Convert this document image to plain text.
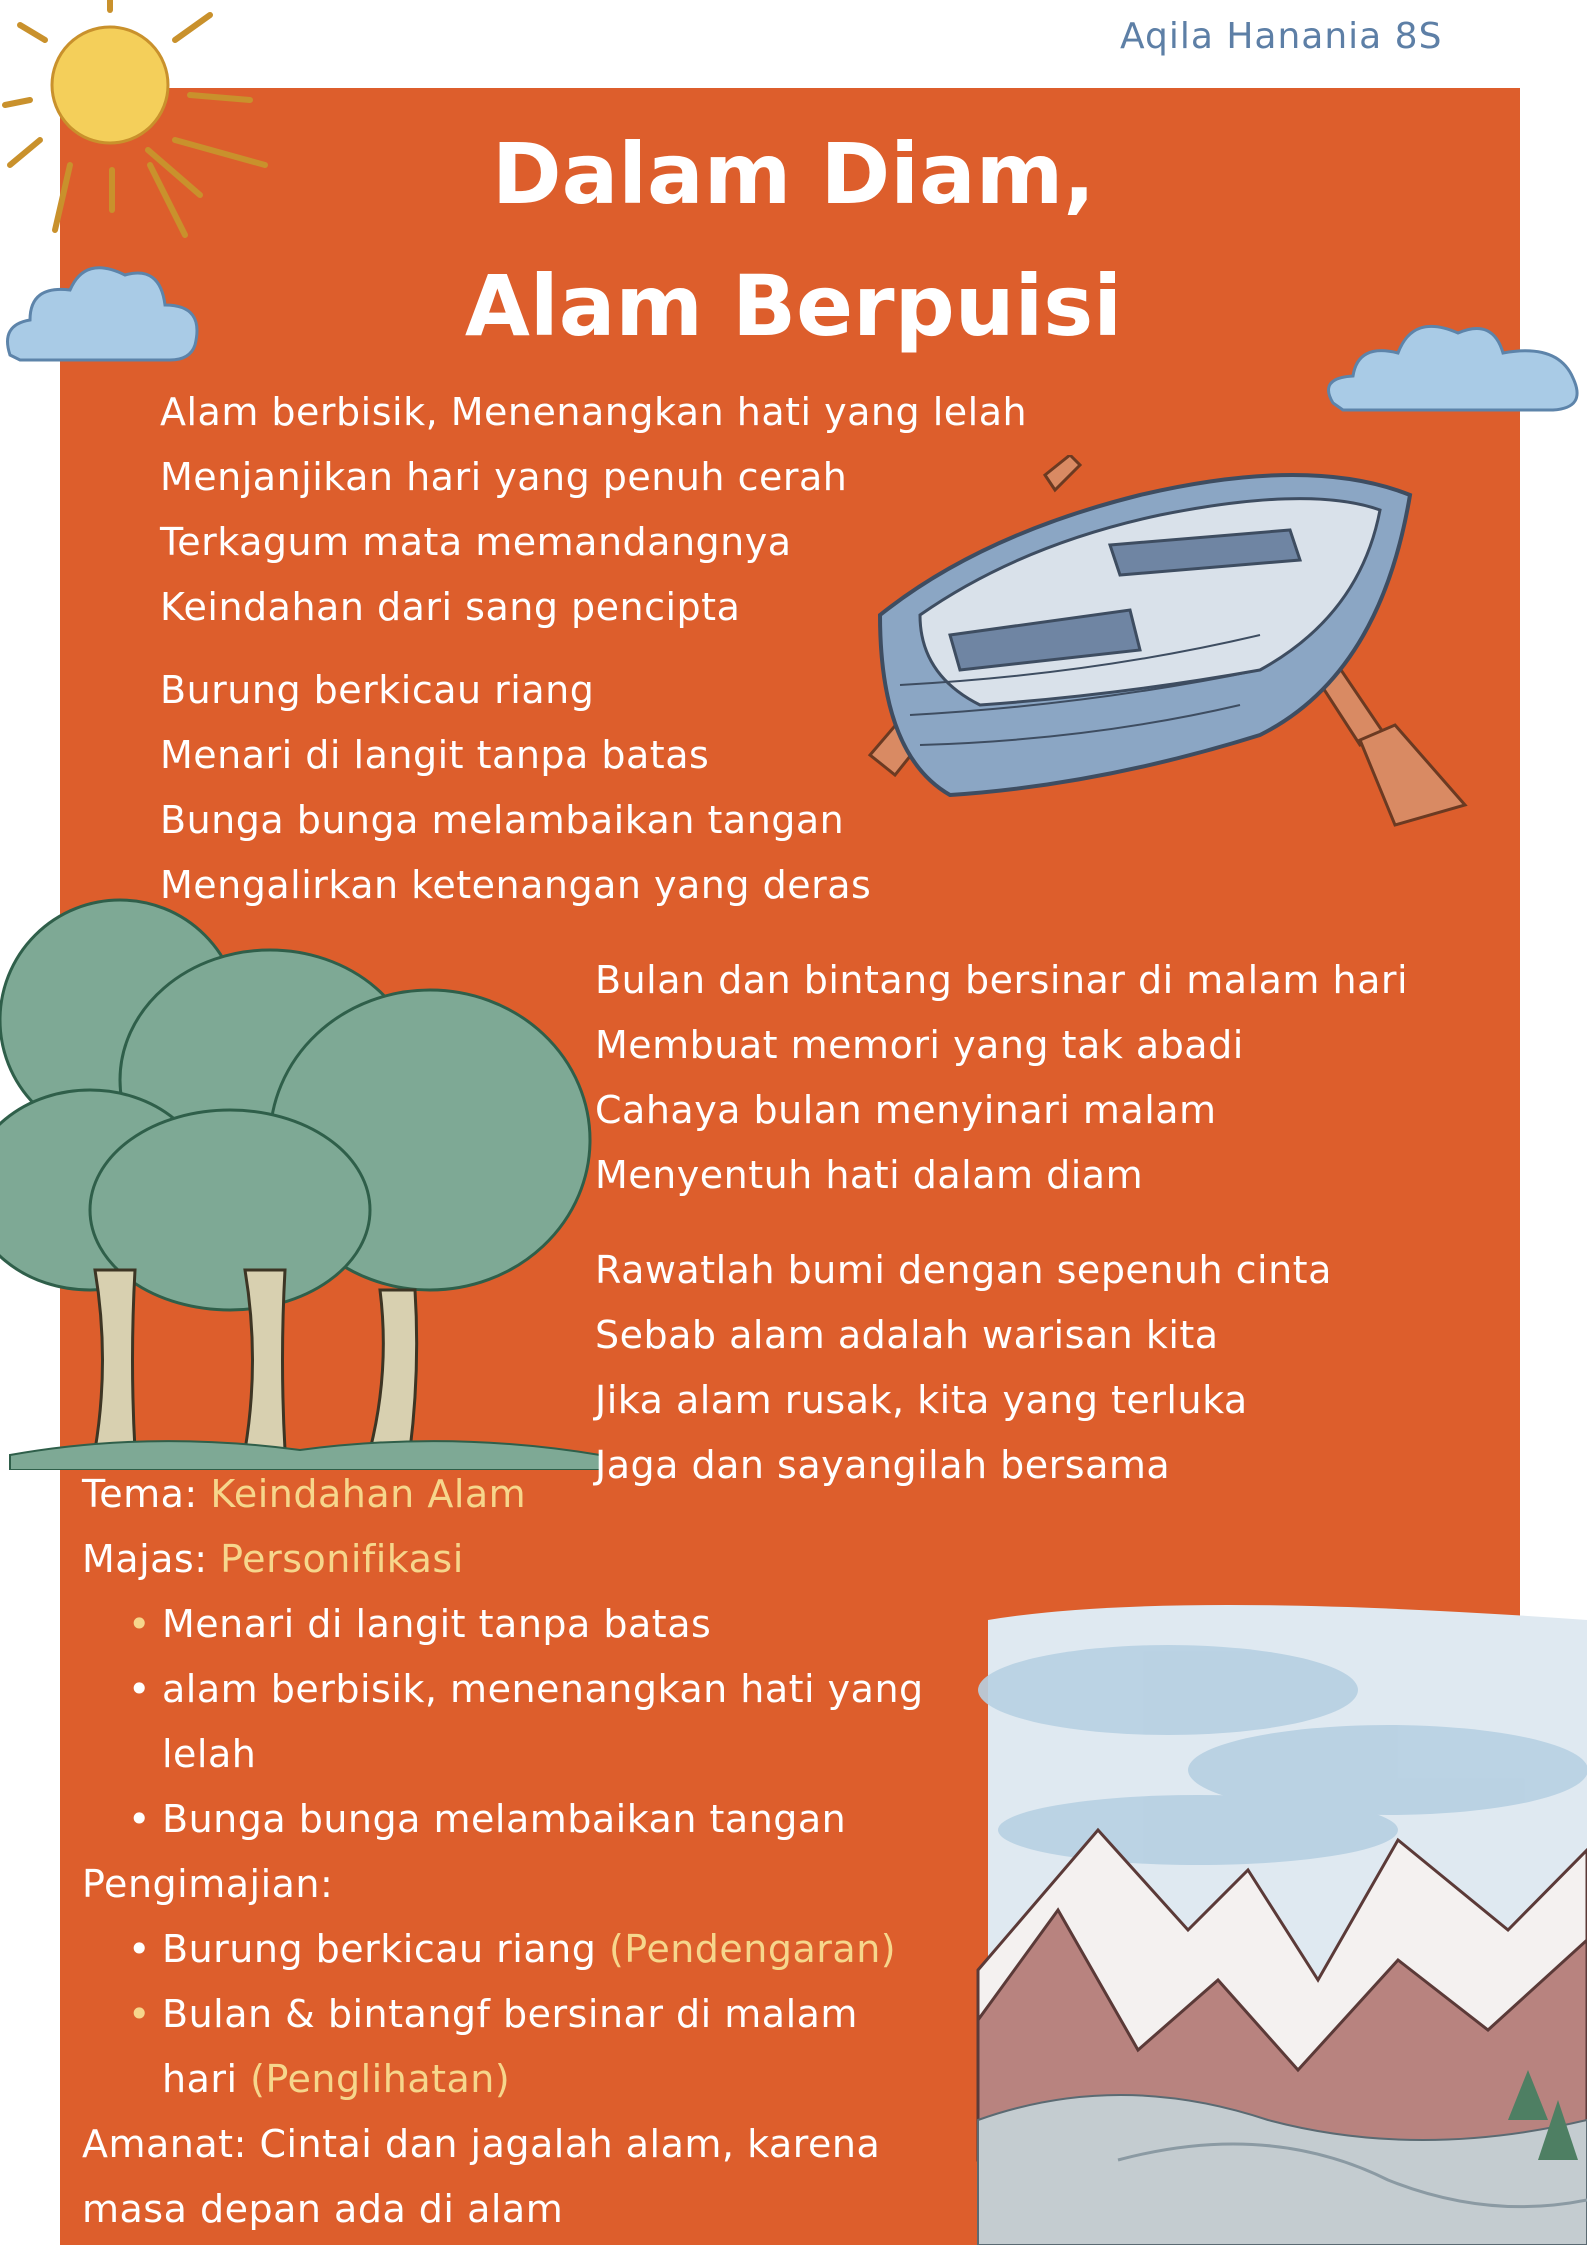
Aqila Hanania 8S
Dalam Diam,
Alam Berpuisi
Alam berbisik, Menenangkan hati yang lelah
Menjanjikan hari yang penuh cerah
Terkagum mata memandangnya
Keindahan dari sang pencipta
Burung berkicau riang
Menari di langit tanpa batas
Bunga bunga melambaikan tangan
Mengalirkan ketenangan yang deras
Bulan dan bintang bersinar di malam hari
Membuat memori yang tak abadi
Cahaya bulan menyinari malam
Menyentuh hati dalam diam
Rawatlah bumi dengan sepenuh cinta
Sebab alam adalah warisan kita
Jika alam rusak, kita yang terluka
Jaga dan sayangilah bersama
Tema: Keindahan Alam
Majas: Personifikasi
• Menari di langit tanpa batas
• alam berbisik, menenangkan hati yang
lelah
• Bunga bunga melambaikan tangan
Pengimajian:
• Burung berkicau riang (Pendengaran)
• Bulan & bintangf bersinar di malam
hari (Penglihatan)
Amanat: Cintai dan jagalah alam, karena
masa depan ada di alam
